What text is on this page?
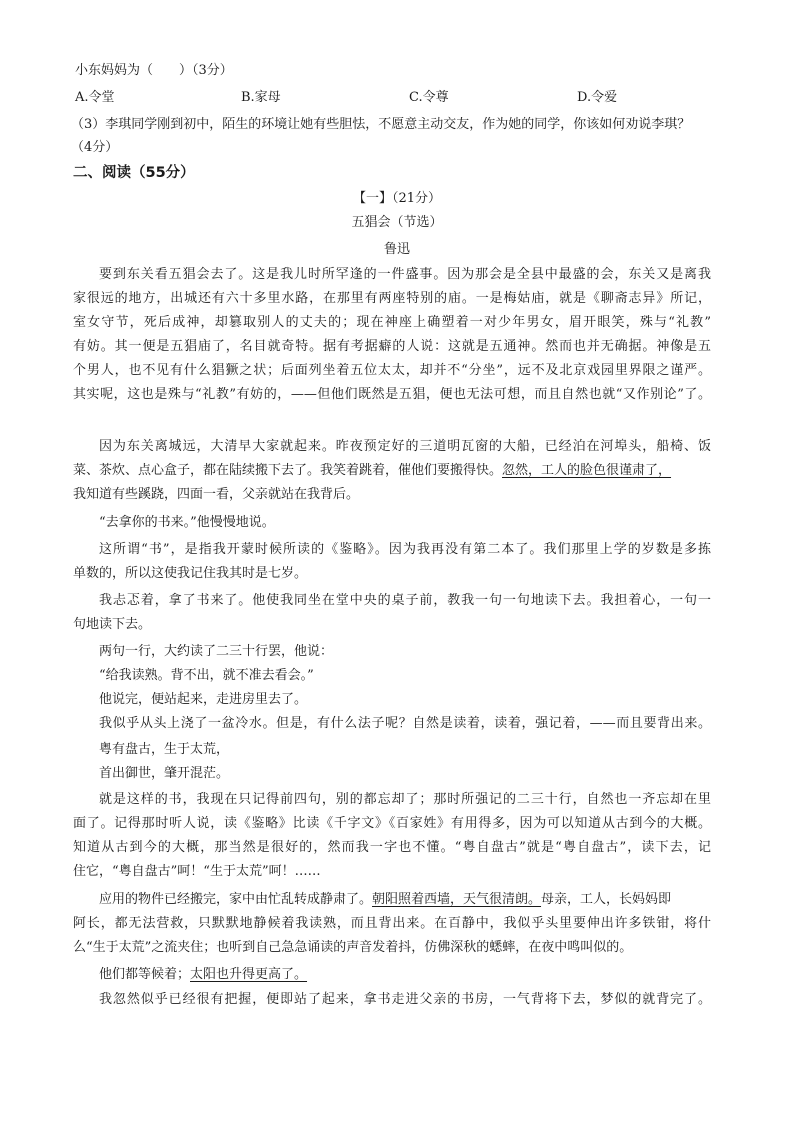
小东妈妈为（　　）（3分）
A.令堂	B.家母	C.令尊	D.令爱
（3）李琪同学刚到初中，陌生的环境让她有些胆怯，不愿意主动交友，作为她的同学，你该如何劝说李琪？
（4分）
二、阅读（55分）
【一】（21分）
五猖会（节选）
鲁迅
要到东关看五猖会去了。这是我儿时所罕逢的一件盛事。因为那会是全县中最盛的会，东关又是离我
家很远的地方，出城还有六十多里水路，在那里有两座特别的庙。一是梅姑庙，就是《聊斋志异》所记，
室女守节，死后成神，却篡取别人的丈夫的；现在神座上确塑着一对少年男女，眉开眼笑，殊与“礼教”
有妨。其一便是五猖庙了，名目就奇特。据有考据癖的人说：这就是五通神。然而也并无确据。神像是五
个男人，也不见有什么猖獗之状；后面列坐着五位太太，却并不“分坐”，远不及北京戏园里界限之谨严。
其实呢，这也是殊与“礼教”有妨的，——但他们既然是五猖，便也无法可想，而且自然也就“又作别论”了。
因为东关离城远，大清早大家就起来。昨夜预定好的三道明瓦窗的大船，已经泊在河埠头，船椅、饭
菜、茶炊、点心盒子，都在陆续搬下去了。我笑着跳着，催他们要搬得快。忽然，工人的脸色很谨肃了，
我知道有些蹊跷，四面一看，父亲就站在我背后。
“去拿你的书来。”他慢慢地说。
这所谓“书”，是指我开蒙时候所读的《鉴略》。因为我再没有第二本了。我们那里上学的岁数是多拣
单数的，所以这使我记住我其时是七岁。
我忐忑着，拿了书来了。他使我同坐在堂中央的桌子前，教我一句一句地读下去。我担着心，一句一
句地读下去。
两句一行，大约读了二三十行罢，他说：
“给我读熟。背不出，就不准去看会。”
他说完，便站起来，走进房里去了。
我似乎从头上浇了一盆冷水。但是，有什么法子呢？自然是读着，读着，强记着，——而且要背出来。
粤有盘古，生于太荒，
首出御世，肇开混茫。
就是这样的书，我现在只记得前四句，别的都忘却了；那时所强记的二三十行，自然也一齐忘却在里
面了。记得那时听人说，读《鉴略》比读《千字文》《百家姓》有用得多，因为可以知道从古到今的大概。
知道从古到今的大概，那当然是很好的，然而我一字也不懂。“粤自盘古”就是“粤自盘古”，读下去，记
住它，“粤自盘古”呵！“生于太荒”呵！……
应用的物件已经搬完，家中由忙乱转成静肃了。朝阳照着西墙，天气很清朗。母亲，工人，长妈妈即
阿长，都无法营救，只默默地静候着我读熟，而且背出来。在百静中，我似乎头里要伸出许多铁钳，将什
么“生于太荒”之流夹住；也听到自己急急诵读的声音发着抖，仿佛深秋的蟋蟀，在夜中鸣叫似的。
他们都等候着；太阳也升得更高了。
我忽然似乎已经很有把握，便即站了起来，拿书走进父亲的书房，一气背将下去，梦似的就背完了。
